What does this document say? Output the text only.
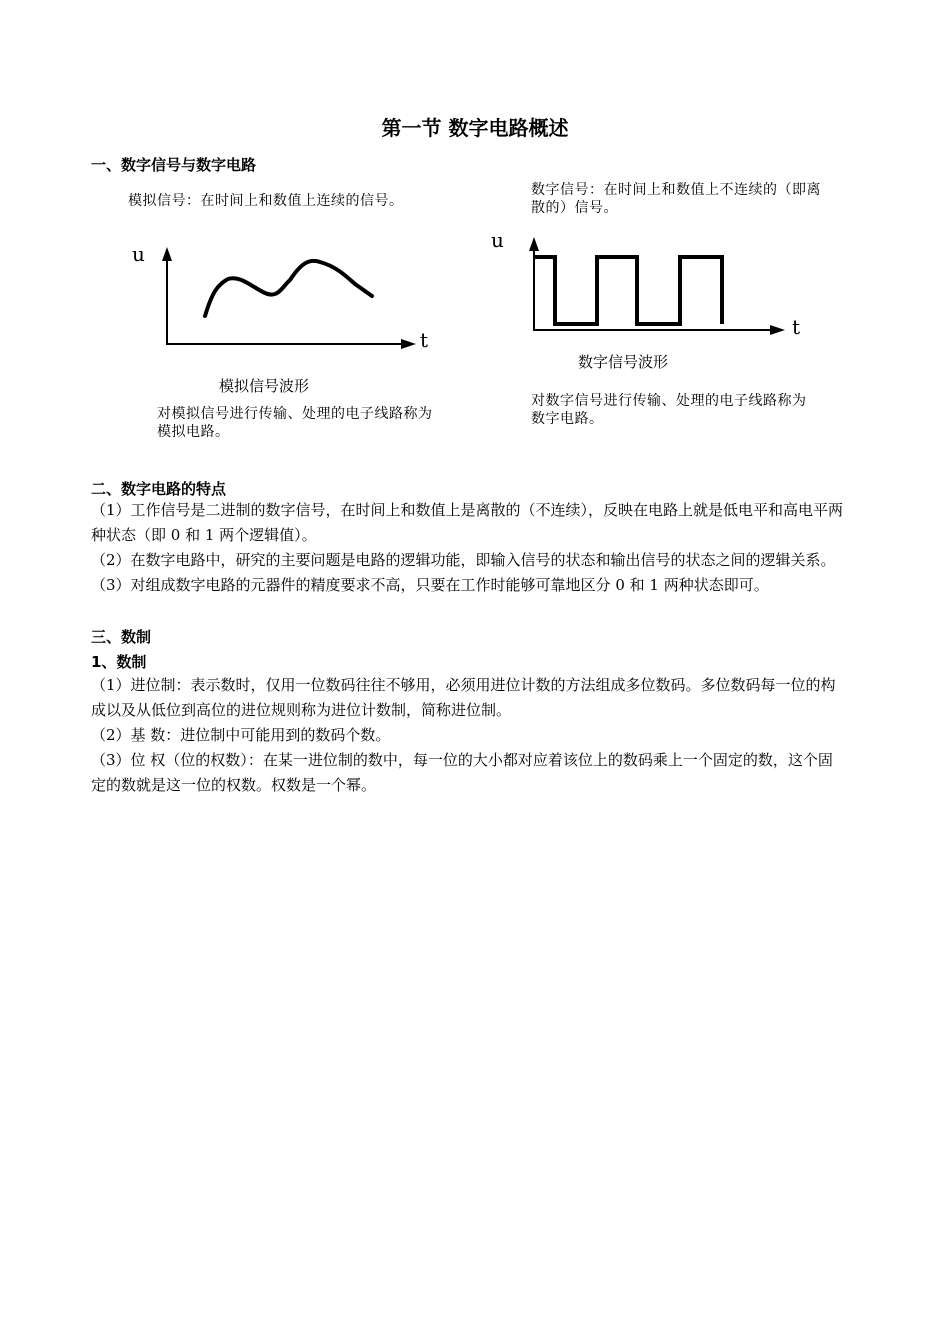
第一节 数字电路概述
一、数字信号与数字电路
模拟信号：在时间上和数值上连续的信号。
u
t
模拟信号波形
对模拟信号进行传输、处理的电子线路称为模拟电路。
数字信号：在时间上和数值上不连续的（即离散的）信号。
u
t
数字信号波形
对数字信号进行传输、处理的电子线路称为数字电路。
二、数字电路的特点

（1）工作信号是二进制的数字信号，在时间上和数值上是离散的（不连续），反映在电路上就是低电平和高电平两种状态（即 0 和 1 两个逻辑值）。

（2）在数字电路中，研究的主要问题是电路的逻辑功能，即输入信号的状态和输出信号的状态之间的逻辑关系。

（3）对组成数字电路的元器件的精度要求不高，只要在工作时能够可靠地区分 0 和 1 两种状态即可。

三、数制
1、数制

（1）进位制：表示数时，仅用一位数码往往不够用，必须用进位计数的方法组成多位数码。多位数码每一位的构成以及从低位到高位的进位规则称为进位计数制，简称进位制。

（2）基 数：进位制中可能用到的数码个数。

（3）位 权（位的权数）：在某一进位制的数中，每一位的大小都对应着该位上的数码乘上一个固定的数，这个固定的数就是这一位的权数。权数是一个幂。
